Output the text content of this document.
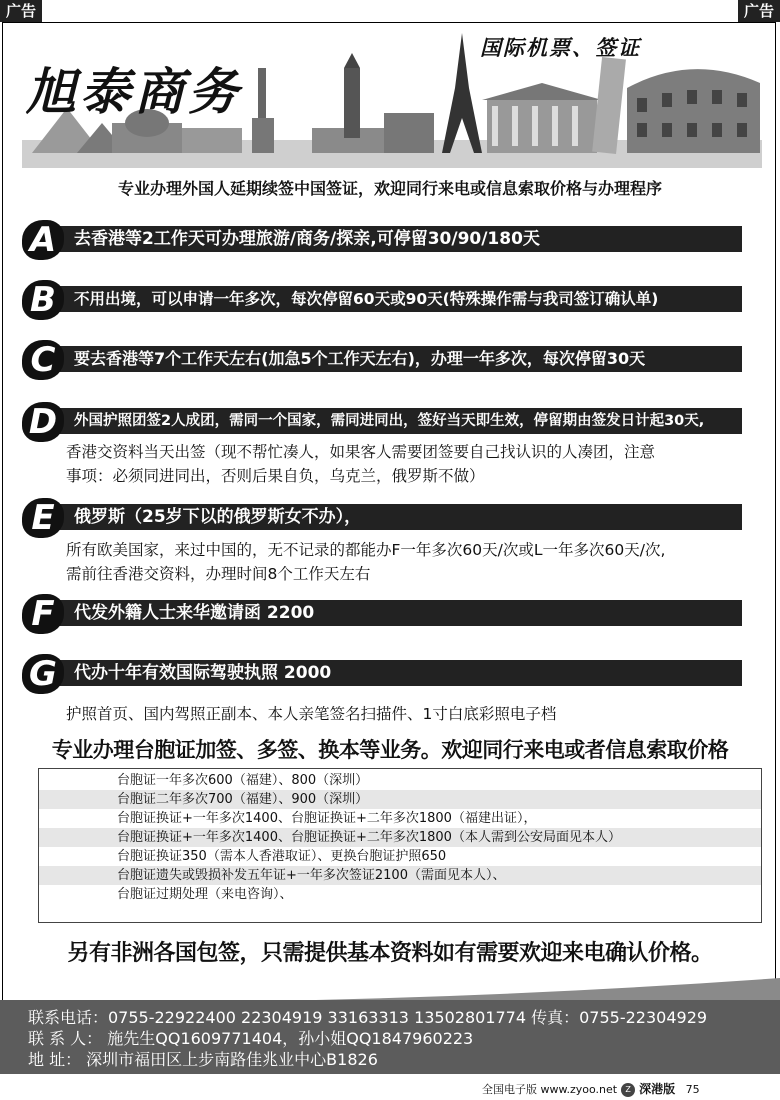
广告	广告
旭泰商务
国际机票、签证
专业办理外国人延期续签中国签证，欢迎同行来电或信息索取价格与办理程序
A	去香港等2工作天可办理旅游/商务/探亲,可停留30/90/180天
B	不用出境，可以申请一年多次，每次停留60天或90天(特殊操作需与我司签订确认单)
C	要去香港等7个工作天左右(加急5个工作天左右)，办理一年多次，每次停留30天
D	外国护照团签2人成团，需同一个国家，需同进同出，签好当天即生效，停留期由签发日计起30天,
香港交资料当天出签（现不帮忙凑人，如果客人需要团签要自己找认识的人凑团，注意
事项：必须同进同出，否则后果自负，乌克兰，俄罗斯不做）
E	俄罗斯（25岁下以的俄罗斯女不办），
所有欧美国家，来过中国的，无不记录的都能办F一年多次60天/次或L一年多次60天/次,
需前往香港交资料，办理时间8个工作天左右
F	代发外籍人士来华邀请函 2200
G	代办十年有效国际驾驶执照 2000
护照首页、国内驾照正副本、本人亲笔签名扫描件、1寸白底彩照电子档
专业办理台胞证加签、多签、换本等业务。欢迎同行来电或者信息索取价格
台胞证一年多次600（福建）、800（深圳）
台胞证二年多次700（福建）、900（深圳）
台胞证换证+一年多次1400、台胞证换证+二年多次1800（福建出证），
台胞证换证+一年多次1400、台胞证换证+二年多次1800（本人需到公安局面见本人）
台胞证换证350（需本人香港取证）、更换台胞证护照650
台胞证遗失或毁损补发五年证+一年多次签证2100（需面见本人）、
台胞证过期处理（来电咨询）、
另有非洲各国包签，只需提供基本资料如有需要欢迎来电确认价格。
联系电话：0755-22922400 22304919 33163313 13502801774 传真：0755-22304929
联 系 人： 施先生QQ1609771404，孙小姐QQ1847960223
地 址： 深圳市福田区上步南路佳兆业中心B1826
全国电子版 www.zyoo.net Z 深港版 75
